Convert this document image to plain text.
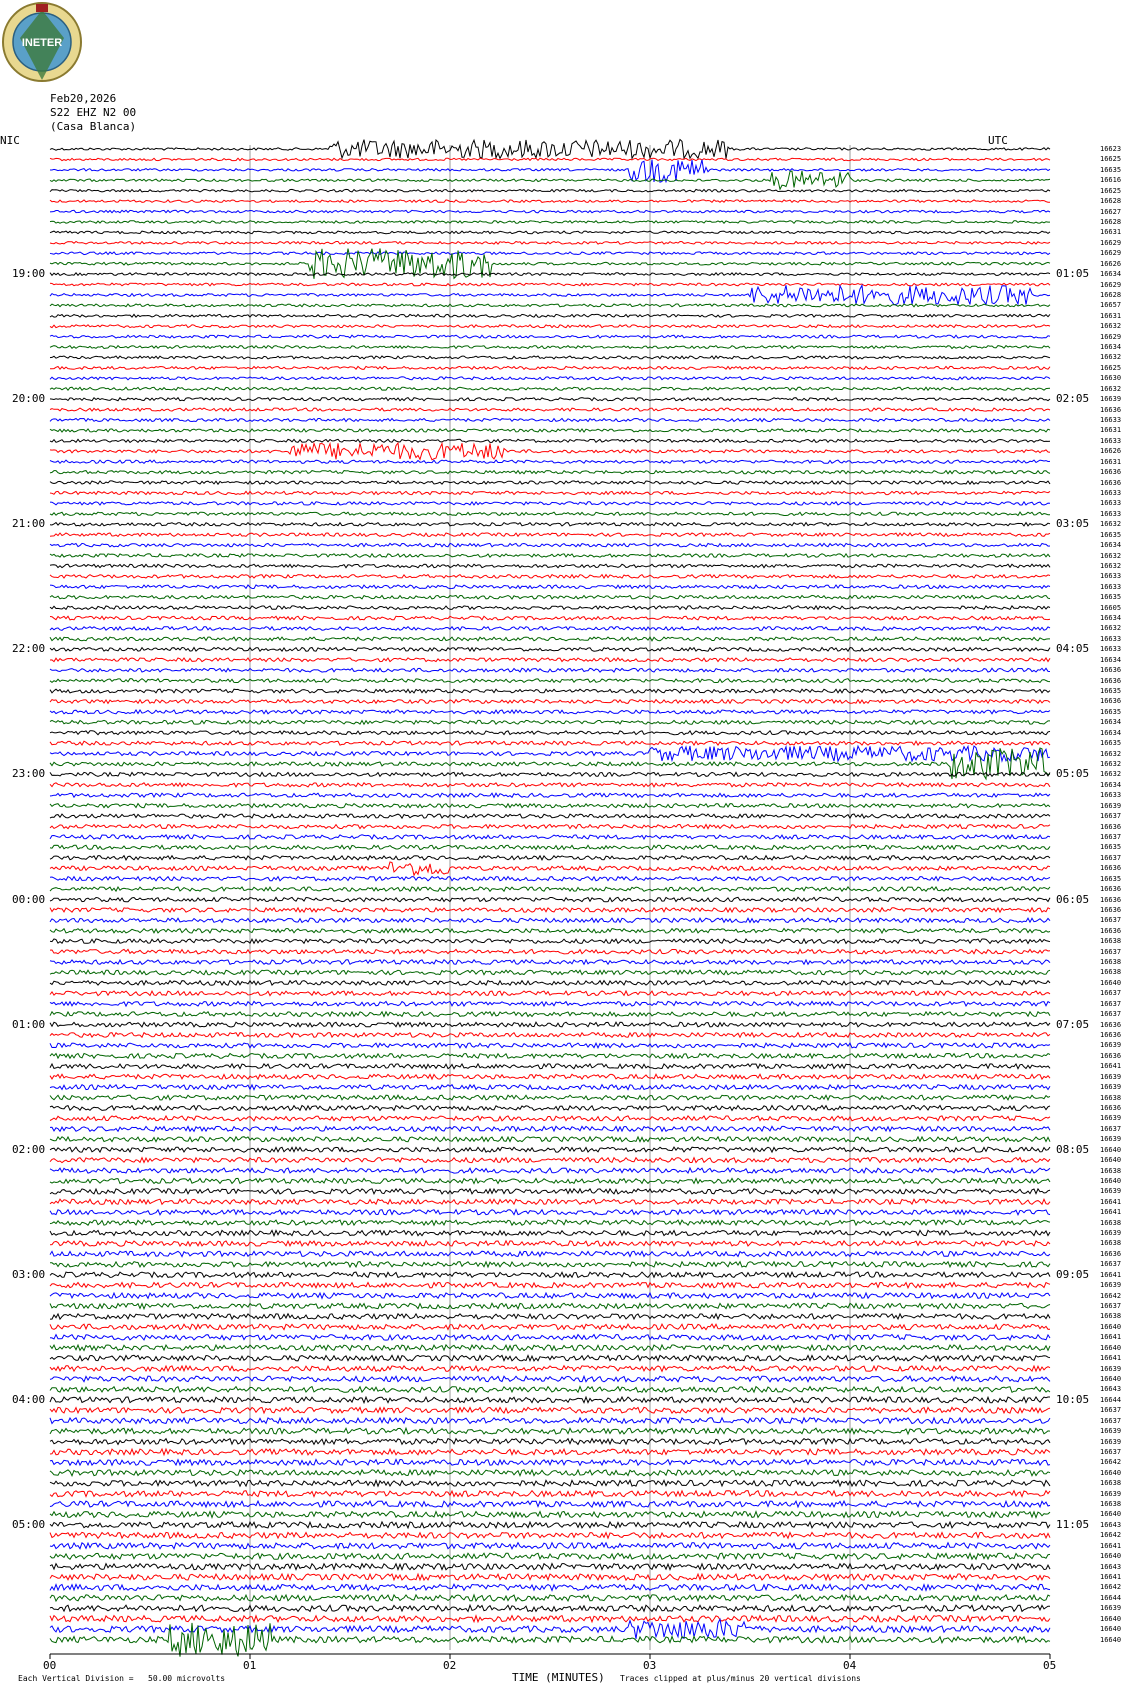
INETER
Feb20,2026
S22 EHZ N2 00
(Casa Blanca)
NIC	UTC
19:00
20:00
21:00
22:00
23:00
00:00
01:00
02:00
03:00
04:00
05:00
01:05
02:05
03:05
04:05
05:05
06:05
07:05
08:05
09:05
10:05
11:05
16623
16625
16635
16616
16625
16628
16627
16628
16631
16629
16629
16626
16634
16629
16628
16657
16631
16632
16629
16634
16632
16625
16630
16632
16639
16636
16633
16631
16633
16626
16631
16636
16636
16633
16633
16633
16632
16635
16634
16632
16632
16633
16633
16635
16605
16634
16632
16633
16633
16634
16636
16636
16635
16636
16635
16634
16634
16635
16632
16632
16632
16634
16633
16639
16637
16636
16637
16635
16637
16636
16635
16636
16636
16636
16637
16636
16638
16637
16638
16638
16640
16637
16637
16637
16636
16636
16639
16636
16641
16639
16639
16638
16636
16639
16637
16639
16640
16640
16638
16640
16639
16641
16641
16638
16639
16638
16636
16637
16641
16639
16642
16637
16638
16640
16641
16640
16641
16639
16640
16643
16644
16637
16637
16639
16639
16637
16642
16640
16638
16639
16638
16640
16643
16642
16641
16640
16643
16641
16642
16644
16639
16640
16640
16640
TIME (MINUTES)
Each Vertical Division =   50.00 microvolts	Traces clipped at plus/minus 20 vertical divisions
00	01	02	03	04	05
